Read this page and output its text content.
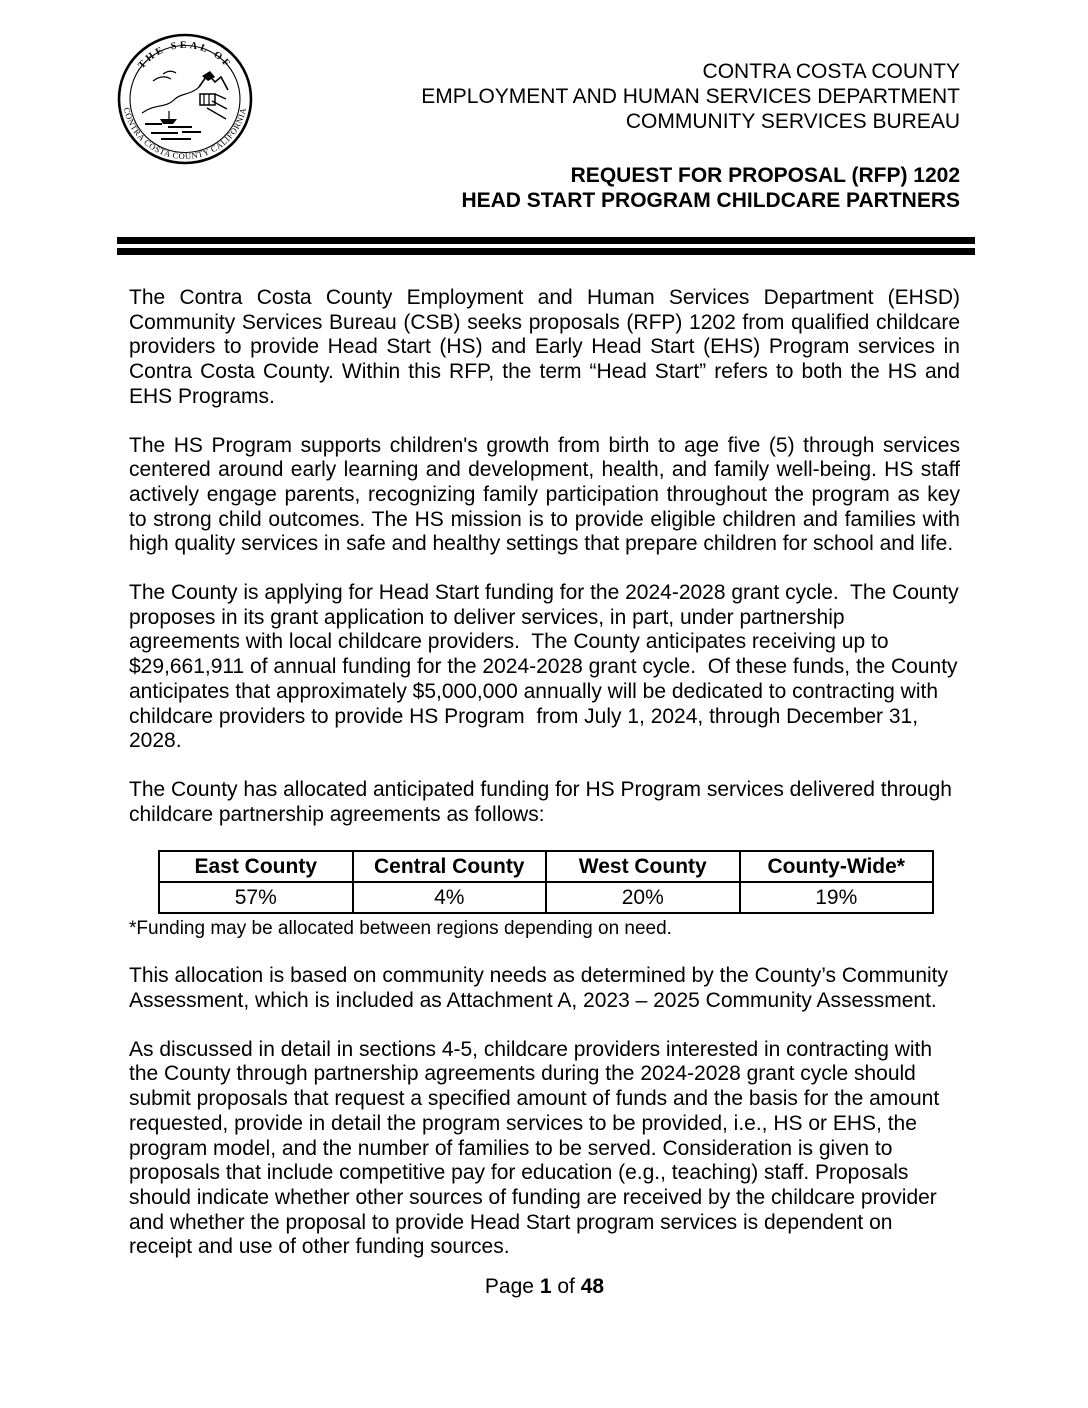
THE SEAL OF
CONTRA COSTA COUNTY CALIFORNIA
CONTRA COSTA COUNTY
EMPLOYMENT AND HUMAN SERVICES DEPARTMENT
COMMUNITY SERVICES BUREAU
REQUEST FOR PROPOSAL (RFP) 1202
HEAD START PROGRAM CHILDCARE PARTNERS

The Contra Costa County Employment and Human Services Department (EHSD) Community Services Bureau (CSB) seeks proposals (RFP) 1202 from qualified childcare providers to provide Head Start (HS) and Early Head Start (EHS) Program services in Contra Costa County. Within this RFP, the term “Head Start” refers to both the HS and EHS Programs.

The HS Program supports children's growth from birth to age five (5) through services centered around early learning and development, health, and family well-being. HS staff actively engage parents, recognizing family participation throughout the program as key to strong child outcomes. The HS mission is to provide eligible children and families with high quality services in safe and healthy settings that prepare children for school and life.

The County is applying for Head Start funding for the 2024-2028 grant cycle.  The County proposes in its grant application to deliver services, in part, under partnership agreements with local childcare providers.  The County anticipates receiving up to $29,661,911 of annual funding for the 2024-2028 grant cycle.  Of these funds, the County anticipates that approximately $5,000,000 annually will be dedicated to contracting with childcare providers to provide HS Program  from July 1, 2024, through December 31, 2028.

The County has allocated anticipated funding for HS Program services delivered through childcare partnership agreements as follows:

East County	Central County	West County	County-Wide*
57%	4%	20%	19%
*Funding may be allocated between regions depending on need.

This allocation is based on community needs as determined by the County’s Community Assessment, which is included as Attachment A, 2023 – 2025 Community Assessment.

As discussed in detail in sections 4-5, childcare providers interested in contracting with the County through partnership agreements during the 2024-2028 grant cycle should submit proposals that request a specified amount of funds and the basis for the amount requested, provide in detail the program services to be provided, i.e., HS or EHS, the program model, and the number of families to be served. Consideration is given to proposals that include competitive pay for education (e.g., teaching) staff. Proposals should indicate whether other sources of funding are received by the childcare provider and whether the proposal to provide Head Start program services is dependent on receipt and use of other funding sources.

Page 1 of 48
